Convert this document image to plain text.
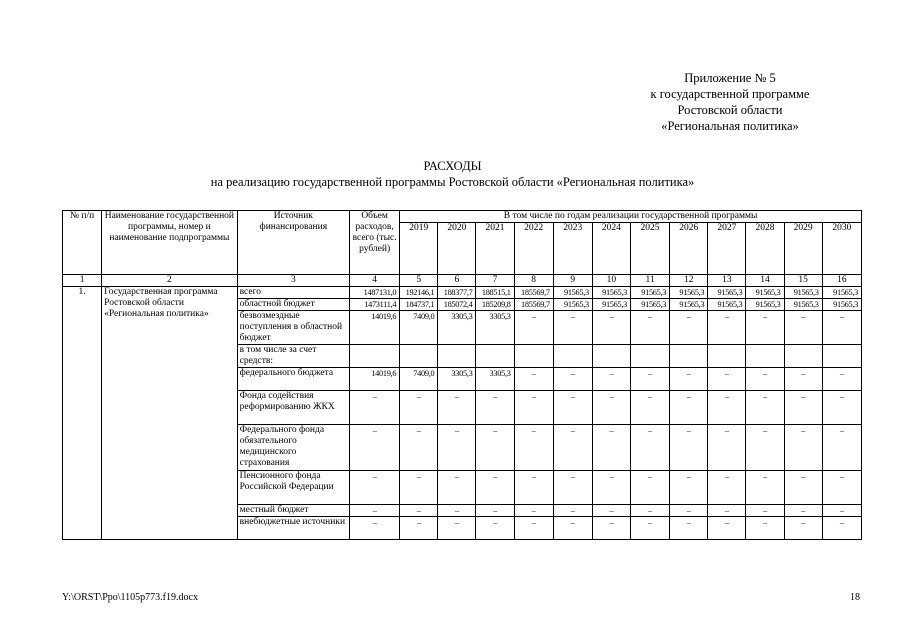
Приложение № 5
к государственной программе
Ростовской области
«Региональная политика»
РАСХОДЫ
на реализацию государственной программы Ростовской области «Региональная политика»
№ п/п	Наименование государственной программы, номер и наименование подпрограммы	Источник финансирования	Объем расходов, всего (тыс. рублей)	В том числе по годам реализации государственной программы											
				2019	2020	2021	2022	2023	2024	2025	2026	2027	2028	2029	2030
1	2	3	4	5	6	7	8	9	10	11	12	13	14	15	16
1.	Государственная программа Ростовской области «Региональная политика»	всего	1487131,0	192146,1	188377,7	188515,1	185569,7	91565,3	91565,3	91565,3	91565,3	91565,3	91565,3	91565,3	91565,3
		областной бюджет	1473111,4	184737,1	185072,4	185209,8	185569,7	91565,3	91565,3	91565,3	91565,3	91565,3	91565,3	91565,3	91565,3
		безвозмездные поступления в областной бюджет	14019,6	7409,0	3305,3	3305,3	–	–	–	–	–	–	–	–	–
		в том числе за счет средств:													
		федерального бюджета	14019,6	7409,0	3305,3	3305,3	–	–	–	–	–	–	–	–	–
		Фонда содействия реформированию ЖКХ	–	–	–	–	–	–	–	–	–	–	–	–	–
		Федерального фонда обязательного медицинского страхования	–	–	–	–	–	–	–	–	–	–	–	–	–
		Пенсионного фонда Российской Федерации	–	–	–	–	–	–	–	–	–	–	–	–	–
		местный бюджет	–	–	–	–	–	–	–	–	–	–	–	–	–
		внебюджетные источники	–	–	–	–	–	–	–	–	–	–	–	–	–
Y:\ORST\Ppo\1105p773.f19.docx	18
